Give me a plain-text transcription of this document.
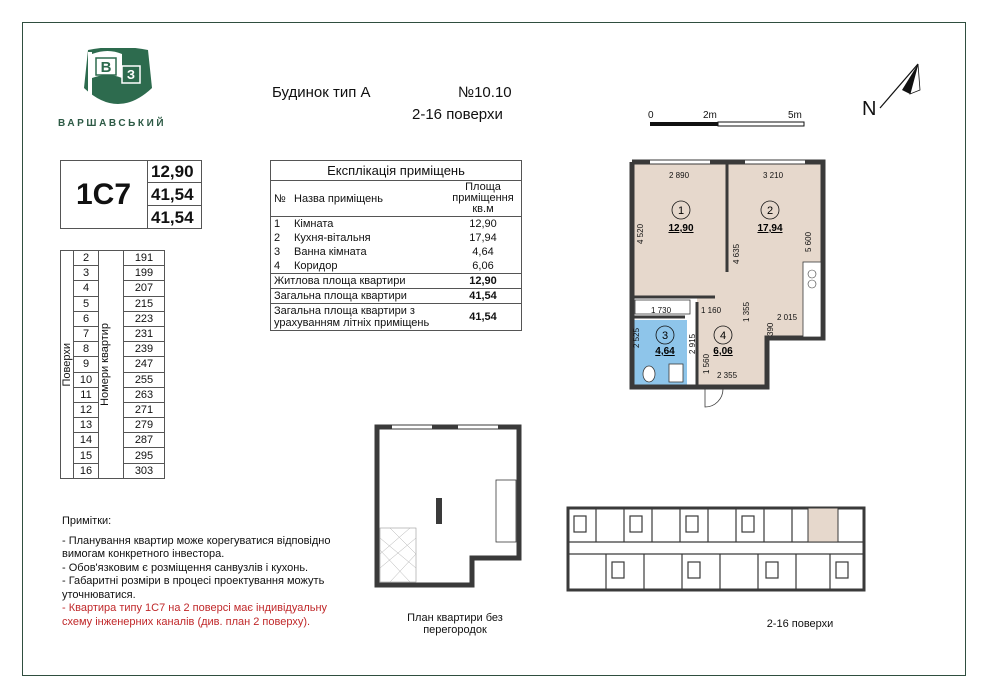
В З
ВАРШАВСЬКИЙ
Будинок тип А	№10.10
2-16 поверхи	0	2m	5m	N
1С7
12,90
41,54
41,54
Поверхи	2	Номери квартир	191
	3		199
	4		207
	5		215
	6		223
	7		231
	8		239
	9		247
	10		255
	11		263
	12		271
	13		279
	14		287
	15		295
	16		303
Експлікація приміщень		
№	Назва приміщень	Площа приміщення кв.м
1	Кімната	12,90
2	Кухня-вітальня	17,94
3	Ванна кімната	4,64
4	Коридор	6,06
Житлова площа квартири		12,90
Загальна площа квартири		41,54
Загальна площа квартири з урахуванням літніх приміщень		41,54
1	2
3	4
12,90	17,94
4,64	6,06
2 890	3 210
4 520
4 635
5 600
1 730	1 160	1 355	2 015
390
2 525	2 915
1 560
2 355
План квартири без перегородок	2-16 поверхи
Примітки:
- Планування квартир може корегуватися відповідно вимогам конкретного інвестора.
- Обов'язковим є розміщення санвузлів і кухонь.
- Габаритні розміри в процесі проектування можуть уточнюватися.
- Квартира типу 1С7 на 2 поверсі має індивідуальну схему інженерних каналів (див. план 2 поверху).
